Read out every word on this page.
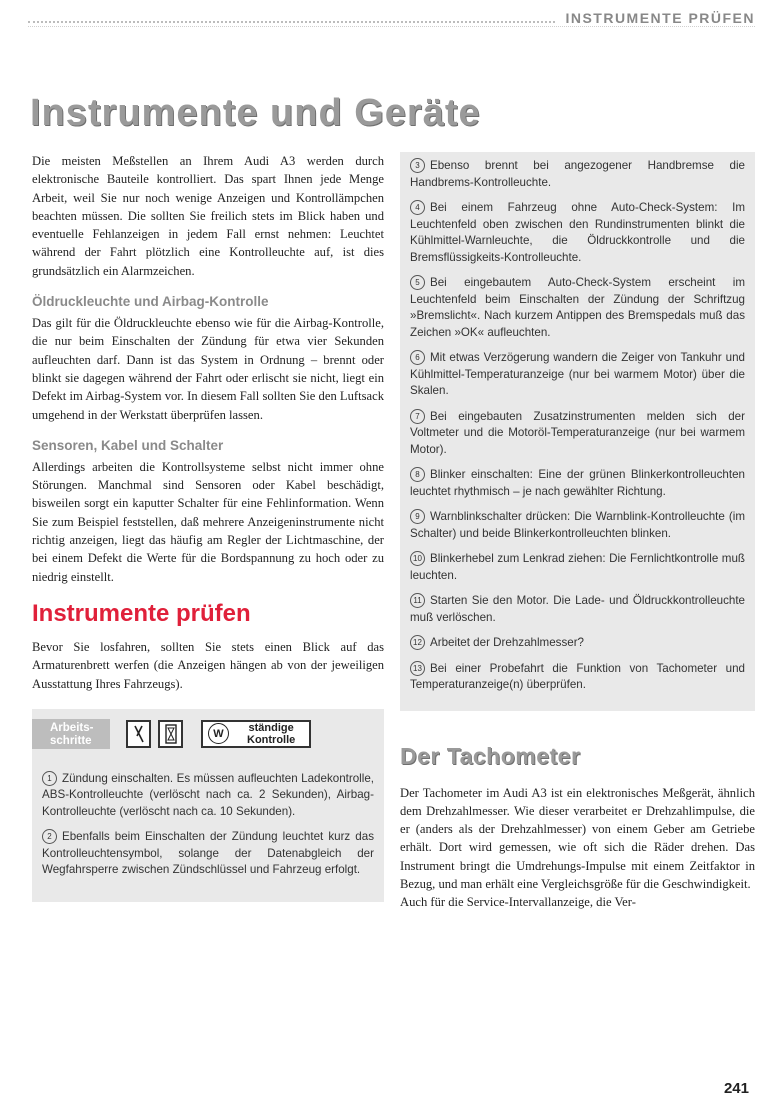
INSTRUMENTE PRÜFEN
Instrumente und Geräte

Die meisten Meßstellen an Ihrem Audi A3 werden durch elektronische Bauteile kontrolliert. Das spart Ihnen jede Menge Arbeit, weil Sie nur noch wenige Anzeigen und Kontrollämpchen beachten müssen. Die sollten Sie freilich stets im Blick haben und eventuelle Fehlanzeigen in jedem Fall ernst nehmen: Leuchtet während der Fahrt plötzlich eine Kontrolleuchte auf, ist dies grundsätzlich ein Alarmzeichen.

Öldruckleuchte und Airbag-Kontrolle

Das gilt für die Öldruckleuchte ebenso wie für die Airbag-Kontrolle, die nur beim Einschalten der Zündung für etwa vier Sekunden aufleuchten darf. Dann ist das System in Ordnung – brennt oder blinkt sie dagegen während der Fahrt oder erlischt sie nicht, liegt ein Defekt im Airbag-System vor. In diesem Fall sollten Sie den Luftsack umgehend in der Werkstatt überprüfen lassen.

Sensoren, Kabel und Schalter

Allerdings arbeiten die Kontrollsysteme selbst nicht immer ohne Störungen. Manchmal sind Sensoren oder Kabel beschädigt, bisweilen sorgt ein kaputter Schalter für eine Fehlinformation. Wenn Sie zum Beispiel feststellen, daß mehrere Anzeigeninstrumente nicht richtig anzeigen, liegt das häufig am Regler der Lichtmaschine, der bei einem Defekt die Werte für die Bordspannung zu hoch oder zu niedrig einstellt.

Instrumente prüfen

Bevor Sie losfahren, sollten Sie stets einen Blick auf das Armaturenbrett werfen (die Anzeigen hängen ab von der jeweiligen Ausstattung Ihres Fahrzeugs).

Arbeits-
schritte
W	ständige
Kontrolle
1 Zündung einschalten. Es müssen aufleuchten Ladekontrolle, ABS-Kontrolleuchte (verlöscht nach ca. 2 Sekunden), Airbag-Kontrolleuchte (verlöscht nach ca. 10 Sekunden).
2 Ebenfalls beim Einschalten der Zündung leuchtet kurz das Kontrolleuchtensymbol, solange der Datenabgleich der Wegfahrsperre zwischen Zündschlüssel und Fahrzeug erfolgt.
3 Ebenso brennt bei angezogener Handbremse die Handbrems-Kontrolleuchte.
4 Bei einem Fahrzeug ohne Auto-Check-System: Im Leuchtenfeld oben zwischen den Rundinstrumenten blinkt die Kühlmittel-Warnleuchte, die Öldruckkontrolle und die Bremsflüssigkeits-Kontrolleuchte.
5 Bei eingebautem Auto-Check-System erscheint im Leuchtenfeld beim Einschalten der Zündung der Schriftzug »Bremslicht«. Nach kurzem Antippen des Bremspedals muß das Zeichen »OK« aufleuchten.
6 Mit etwas Verzögerung wandern die Zeiger von Tankuhr und Kühlmittel-Temperaturanzeige (nur bei warmem Motor) über die Skalen.
7 Bei eingebauten Zusatzinstrumenten melden sich der Voltmeter und die Motoröl-Temperaturanzeige (nur bei warmem Motor).
8 Blinker einschalten: Eine der grünen Blinkerkontrolleuchten leuchtet rhythmisch – je nach gewählter Richtung.
9 Warnblinkschalter drücken: Die Warnblink-Kontrolleuchte (im Schalter) und beide Blinkerkontrolleuchten blinken.
10 Blinkerhebel zum Lenkrad ziehen: Die Fernlichtkontrolle muß leuchten.
11 Starten Sie den Motor. Die Lade- und Öldruckkontrolleuchte muß verlöschen.
12 Arbeitet der Drehzahlmesser?
13 Bei einer Probefahrt die Funktion von Tachometer und Temperaturanzeige(n) überprüfen.
Der Tachometer

Der Tachometer im Audi A3 ist ein elektronisches Meßgerät, ähnlich dem Drehzahlmesser. Wie dieser verarbeitet er Drehzahlimpulse, die er (anders als der Drehzahlmesser) von einem Geber am Getriebe erhält. Dort wird gemessen, wie oft sich die Räder drehen. Das Instrument bringt die Umdrehungs-Impulse mit einem Zeitfaktor in Bezug, und man erhält eine Vergleichsgröße für die Geschwindigkeit.

Auch für die Service-Intervallanzeige, die Ver-

241
